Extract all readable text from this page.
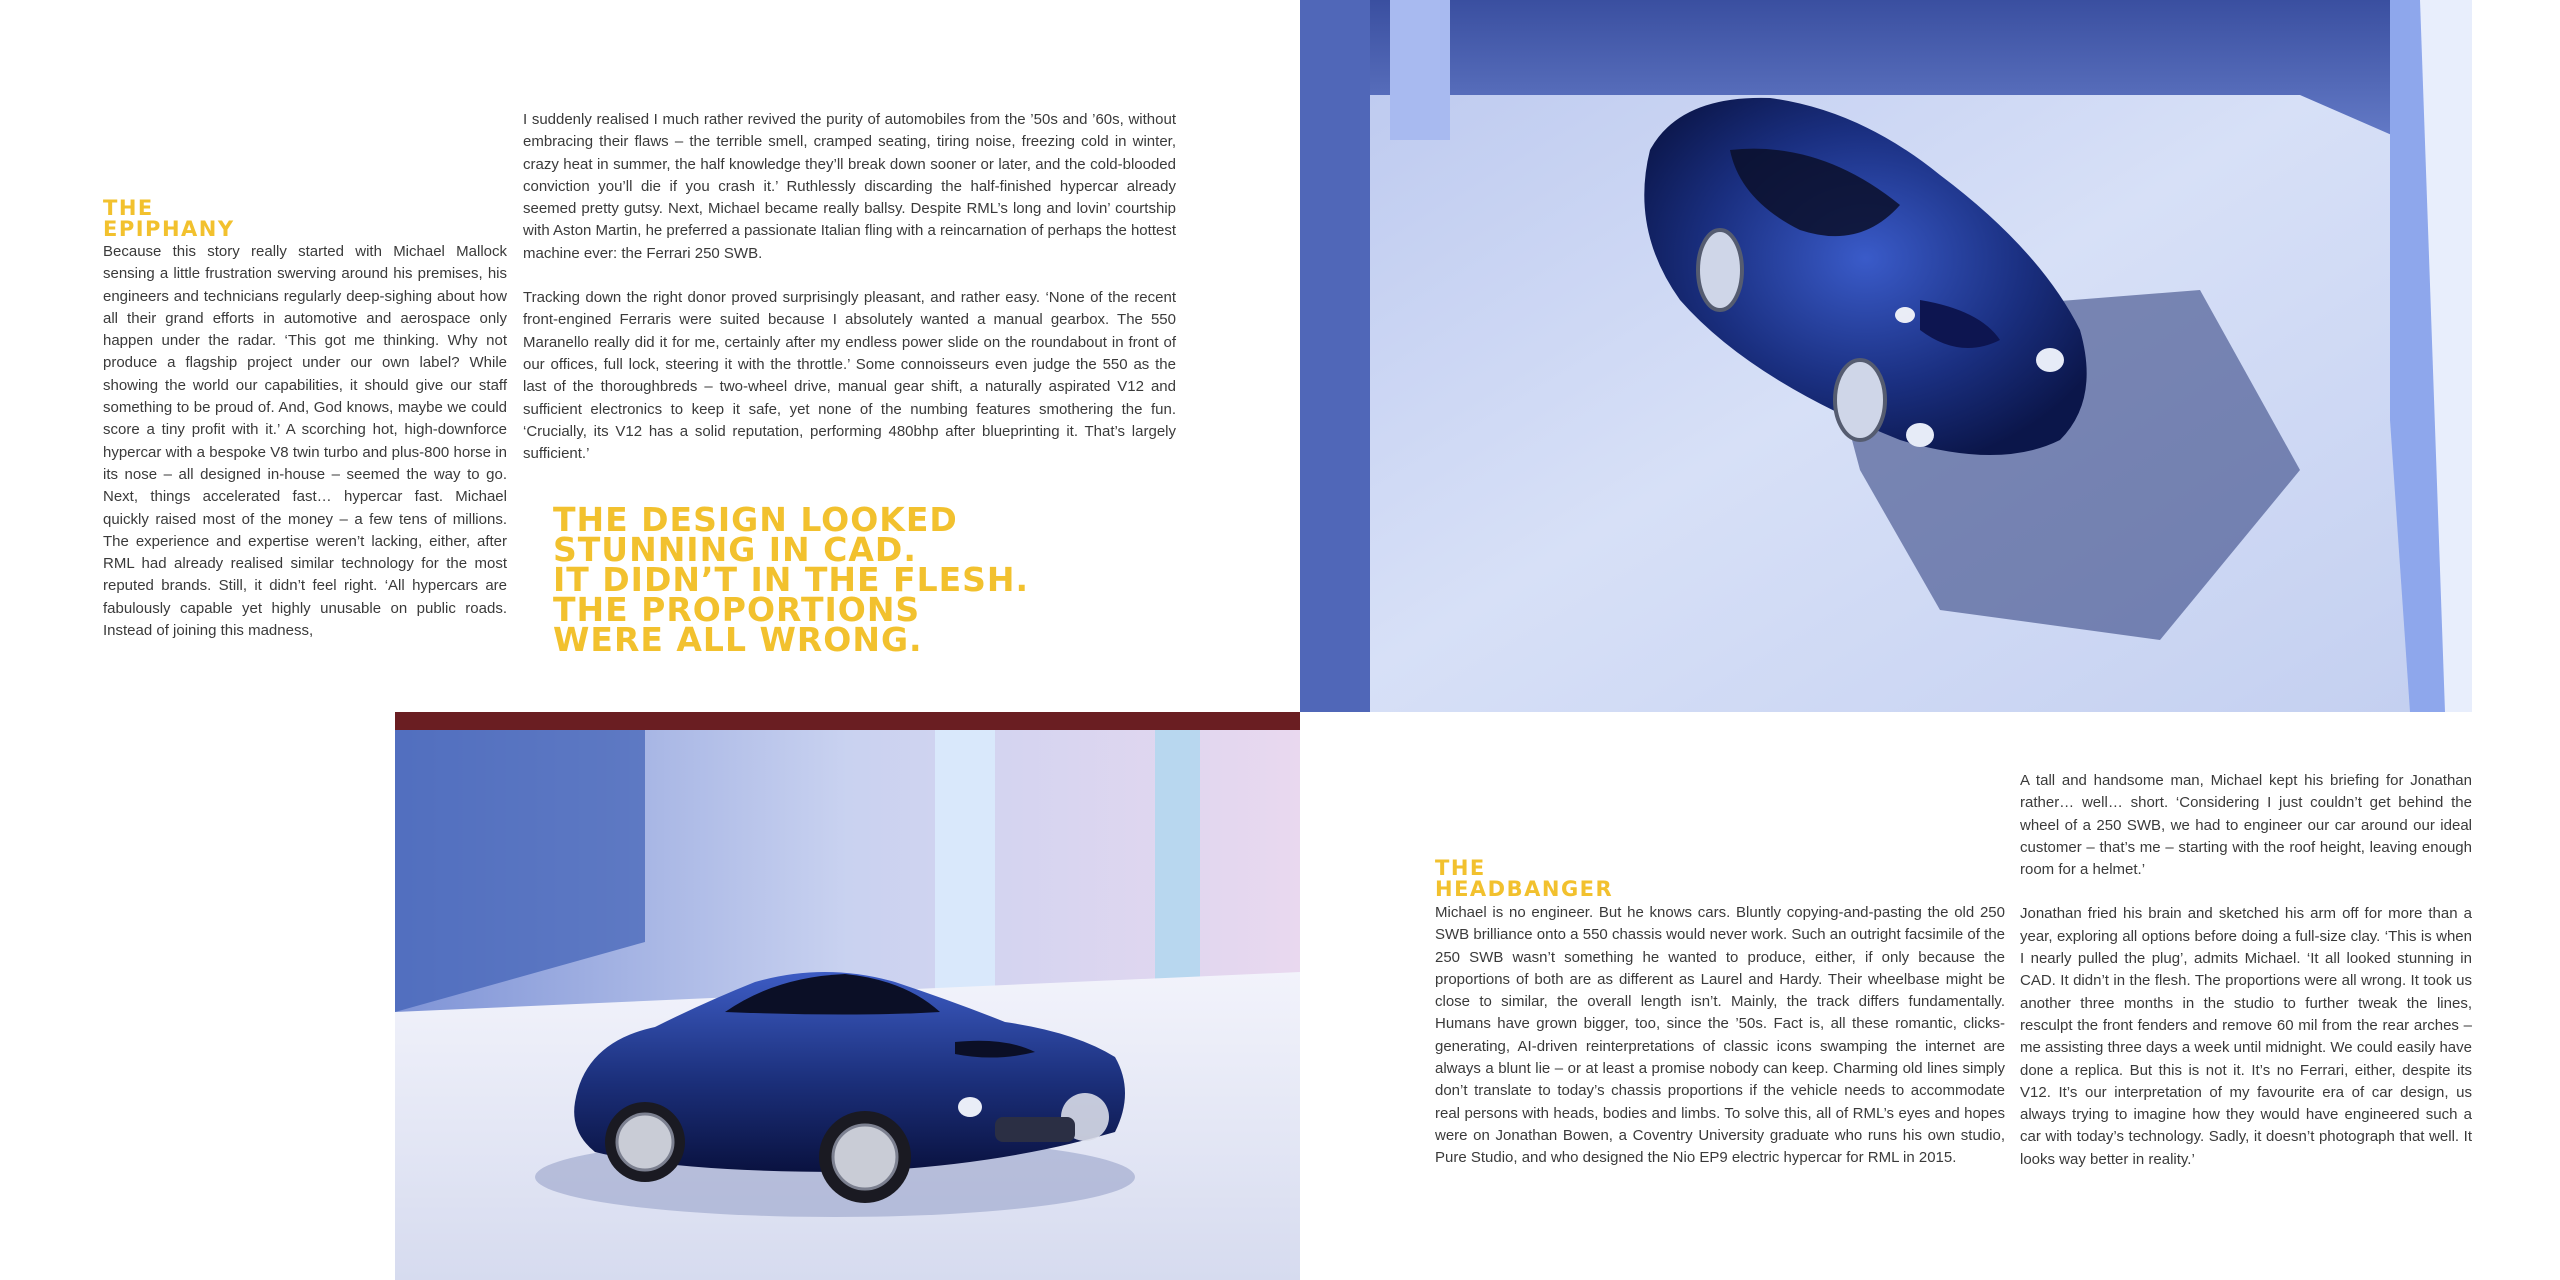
THE
EPIPHANY

Because this story really started with Michael Mallock sensing a little frustration swerving around his premises, his engineers and technicians regularly deep-sighing about how all their grand efforts in automotive and aerospace only happen under the radar. ‘This got me thinking. Why not produce a flagship project under our own label? While showing the world our capabilities, it should give our staff something to be proud of. And, God knows, maybe we could score a tiny profit with it.’ A scorching hot, high-downforce hypercar with a bespoke V8 twin turbo and plus-800 horse in its nose – all designed in-house – seemed the way to go. Next, things accelerated fast… hypercar fast. Michael quickly raised most of the money – a few tens of millions. The experience and expertise weren’t lacking, either, after RML had already realised similar technology for the most reputed brands. Still, it didn’t feel right. ‘All hypercars are fabulously capable yet highly unusable on public roads. Instead of joining this madness,

I suddenly realised I much rather revived the purity of automobiles from the ’50s and ’60s, without embracing their flaws – the terrible smell, cramped seating, tiring noise, freezing cold in winter, crazy heat in summer, the half knowledge they’ll break down sooner or later, and the cold-blooded conviction you’ll die if you crash it.’ Ruthlessly discarding the half-finished hypercar already seemed pretty gutsy. Next, Michael became really ballsy. Despite RML’s long and lovin’ courtship with Aston Martin, he preferred a passionate Italian fling with a reincarnation of perhaps the hottest machine ever: the Ferrari 250 SWB.

Tracking down the right donor proved surprisingly pleasant, and rather easy. ‘None of the recent front-engined Ferraris were suited because I absolutely wanted a manual gearbox. The 550 Maranello really did it for me, certainly after my endless power slide on the roundabout in front of our offices, full lock, steering it with the throttle.’ Some connoisseurs even judge the 550 as the last of the thoroughbreds – two-wheel drive, manual gear shift, a naturally aspirated V12 and sufficient electronics to keep it safe, yet none of the numbing features smothering the fun. ‘Crucially, its V12 has a solid reputation, performing 480bhp after blueprinting it. That’s largely sufficient.’

THE DESIGN LOOKED
STUNNING IN CAD.
IT DIDN’T IN THE FLESH.
THE PROPORTIONS
WERE ALL WRONG.
THE
HEADBANGER

Michael is no engineer. But he knows cars. Bluntly copying-and-pasting the old 250 SWB brilliance onto a 550 chassis would never work. Such an outright facsimile of the 250 SWB wasn’t something he wanted to produce, either, if only because the proportions of both are as different as Laurel and Hardy. Their wheelbase might be close to similar, the overall length isn’t. Mainly, the track differs fundamentally. Humans have grown bigger, too, since the ’50s. Fact is, all these romantic, clicks-generating, AI-driven reinterpretations of classic icons swamping the internet are always a blunt lie – or at least a promise nobody can keep. Charming old lines simply don’t translate to today’s chassis proportions if the vehicle needs to accommodate real persons with heads, bodies and limbs. To solve this, all of RML’s eyes and hopes were on Jonathan Bowen, a Coventry University graduate who runs his own studio, Pure Studio, and who designed the Nio EP9 electric hypercar for RML in 2015.

A tall and handsome man, Michael kept his briefing for Jonathan rather… well… short. ‘Considering I just couldn’t get behind the wheel of a 250 SWB, we had to engineer our car around our ideal customer – that’s me – starting with the roof height, leaving enough room for a helmet.’

Jonathan fried his brain and sketched his arm off for more than a year, exploring all options before doing a full-size clay. ‘This is when I nearly pulled the plug’, admits Michael. ‘It all looked stunning in CAD. It didn’t in the flesh. The proportions were all wrong. It took us another three months in the studio to further tweak the lines, resculpt the front fenders and remove 60 mil from the rear arches – me assisting three days a week until midnight. We could easily have done a replica. But this is not it. It’s no Ferrari, either, despite its V12. It’s our interpretation of my favourite era of car design, us always trying to imagine how they would have engineered such a car with today’s technology. Sadly, it doesn’t photograph that well. It looks way better in reality.’
